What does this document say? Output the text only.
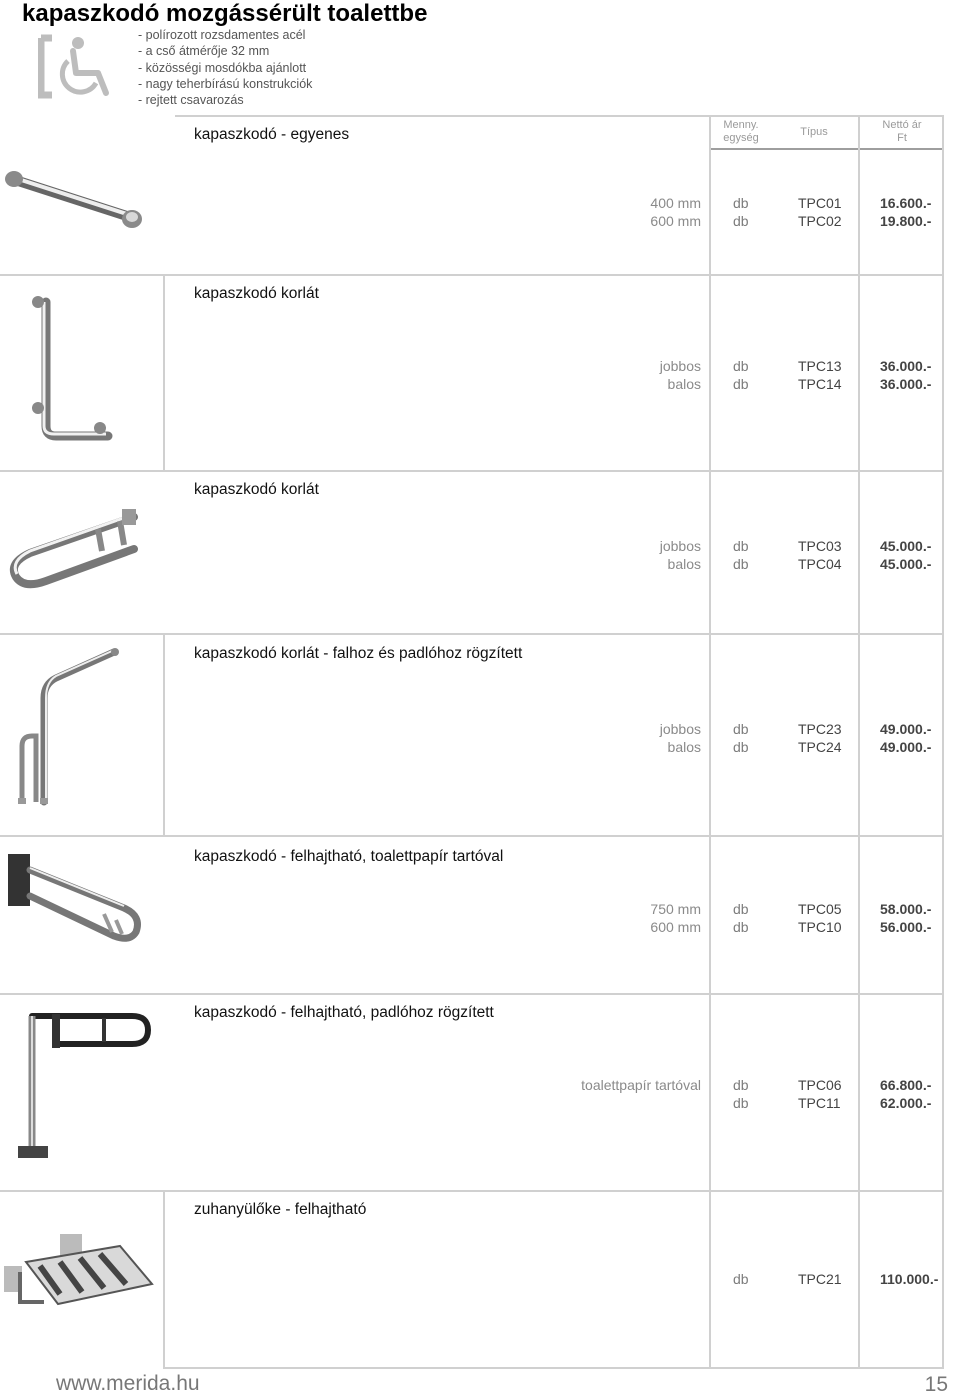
kapaszkodó mozgássérült toalettbe
- polírozott rozsdamentes acél
- a cső átmérője 32 mm
- közösségi mosdókba ajánlott
- nagy teherbírású konstrukciók
- rejtett csavarozás
Menny.
egység	Típus
Nettó ár
Ft
kapaszkodó - egyenes
400 mm db	TPC01	16.600.-
600 mm db	TPC02	19.800.-
kapaszkodó korlát
jobbos db	TPC13	36.000.-
balos db	TPC14	36.000.-
kapaszkodó korlát
jobbos db	TPC03	45.000.-
balos db	TPC04	45.000.-
kapaszkodó korlát - falhoz és padlóhoz rögzített
jobbos db	TPC23	49.000.-
balos db	TPC24	49.000.-
kapaszkodó - felhajtható, toalettpapír tartóval
750 mm db	TPC05	58.000.-
600 mm db	TPC10	56.000.-
kapaszkodó - felhajtható, padlóhoz rögzített
toalettpapír tartóval db	TPC06	66.800.-
db	TPC11	62.000.-
zuhanyülőke - felhajtható
db	TPC21	110.000.-
www.merida.hu	15
